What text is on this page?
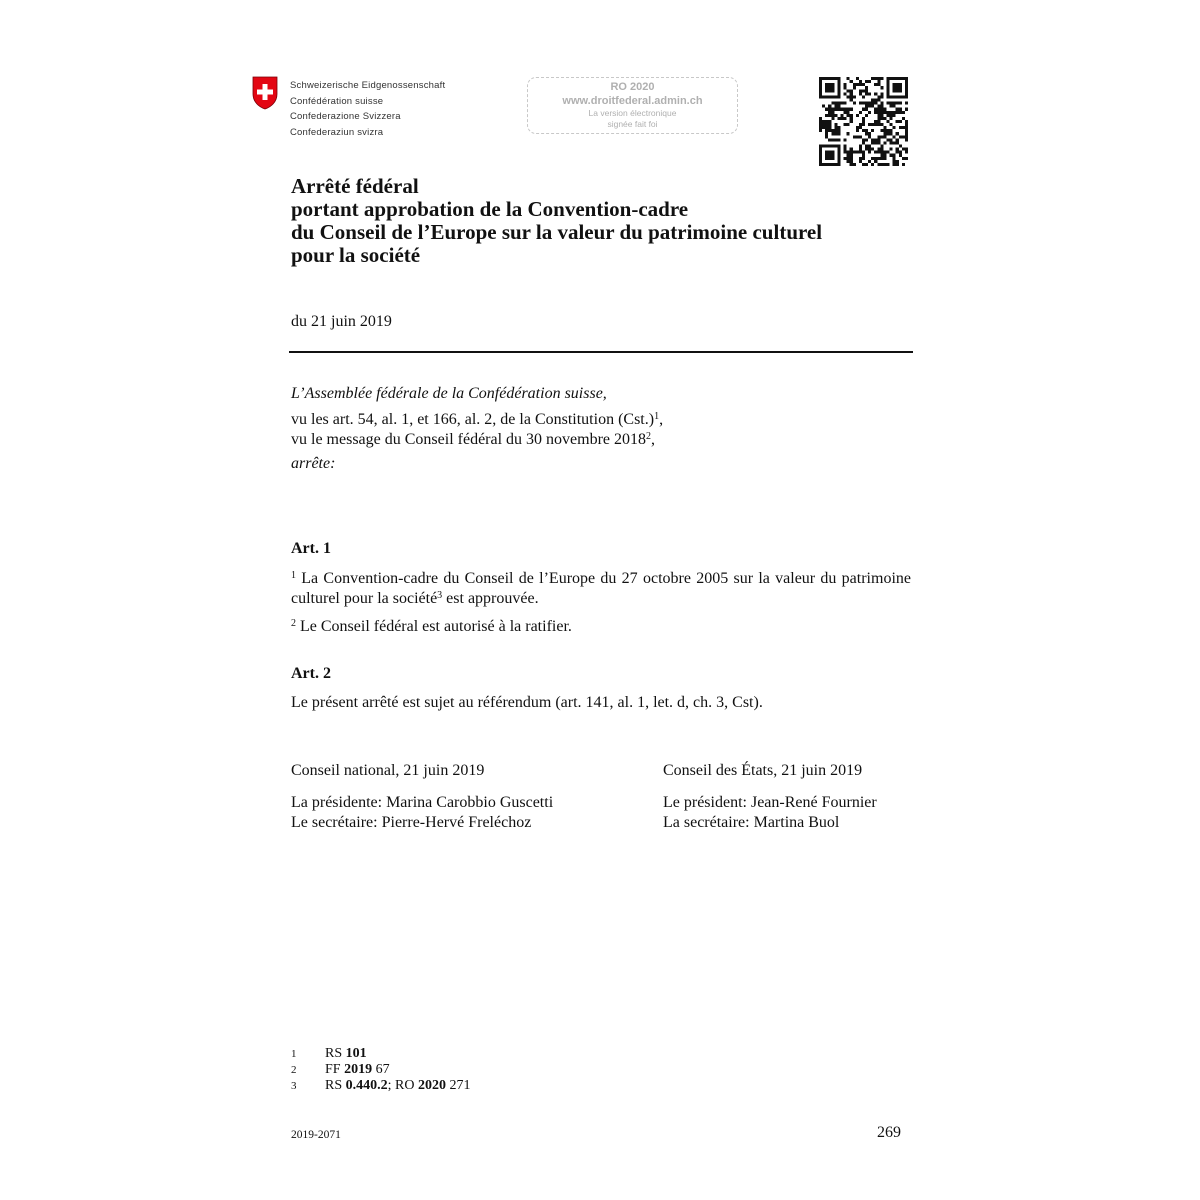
Schweizerische Eidgenossenschaft
Confédération suisse
Confederazione Svizzera
Confederaziun svizra
RO 2020
www.droitfederal.admin.ch
La version électronique
signée fait foi
Arrêté fédéral
portant approbation de la Convention-cadre
du Conseil de l’Europe sur la valeur du patrimoine culturel
pour la société
du 21 juin 2019
L’Assemblée fédérale de la Confédération suisse,
vu les art. 54, al. 1, et 166, al. 2, de la Constitution $(Cst.)^1$,
vu le message du Conseil fédéral du 30 novembre 2018$^2$,
arrête:
Art. 1
$^1$ La Convention-cadre du Conseil de l’Europe du 27 octobre 2005 sur la valeur du patrimoine culturel pour la société$^3$ est approuvée.
$^2$ Le Conseil fédéral est autorisé à la ratifier.
Art. 2
Le présent arrêté est sujet au référendum (art. 141, al. 1, let. d, ch. 3, Cst).
Conseil national, 21 juin 2019
La présidente: Marina Carobbio Guscetti
Le secrétaire: Pierre-Hervé Freléchoz
Conseil des États, 21 juin 2019
Le président: Jean-René Fournier
La secrétaire: Martina Buol
1	RS 101
2	FF 2019 67
3	RS 0.440.2; RO 2020 271
2019-2071	269
